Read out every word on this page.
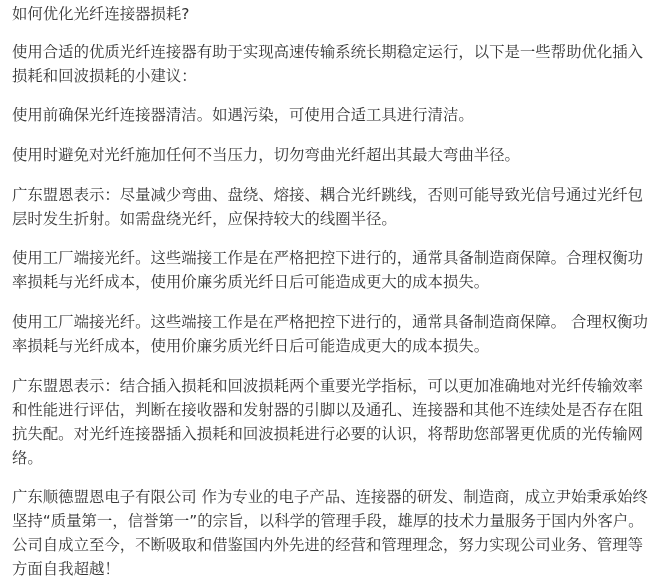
如何优化光纤连接器损耗?

使用合适的优质光纤连接器有助于实现高速传输系统长期稳定运行，以下是一些帮助优化插入损耗和回波损耗的小建议：

使用前确保光纤连接器清洁。如遇污染，可使用合适工具进行清洁。

使用时避免对光纤施加任何不当压力，切勿弯曲光纤超出其最大弯曲半径。

广东盟恩表示：尽量减少弯曲、盘绕、熔接、耦合光纤跳线，否则可能导致光信号通过光纤包层时发生折射。如需盘绕光纤，应保持较大的线圈半径。

使用工厂端接光纤。这些端接工作是在严格把控下进行的，通常具备制造商保障。合理权衡功率损耗与光纤成本，使用价廉劣质光纤日后可能造成更大的成本损失。

使用工厂端接光纤。这些端接工作是在严格把控下进行的，通常具备制造商保障。 合理权衡功率损耗与光纤成本，使用价廉劣质光纤日后可能造成更大的成本损失。

广东盟恩表示：结合插入损耗和回波损耗两个重要光学指标，可以更加准确地对光纤传输效率和性能进行评估，判断在接收器和发射器的引脚以及通孔、连接器和其他不连续处是否存在阻抗失配。对光纤连接器插入损耗和回波损耗进行必要的认识，将帮助您部署更优质的光传输网络。

广东顺德盟恩电子有限公司 作为专业的电子产品、连接器的研发、制造商，成立尹始秉承始终坚持“质量第一，信誉第一”的宗旨，以科学的管理手段，雄厚的技术力量服务于国内外客户。 公司自成立至今，不断吸取和借鉴国内外先进的经营和管理理念，努力实现公司业务、管理等方面自我超越！
